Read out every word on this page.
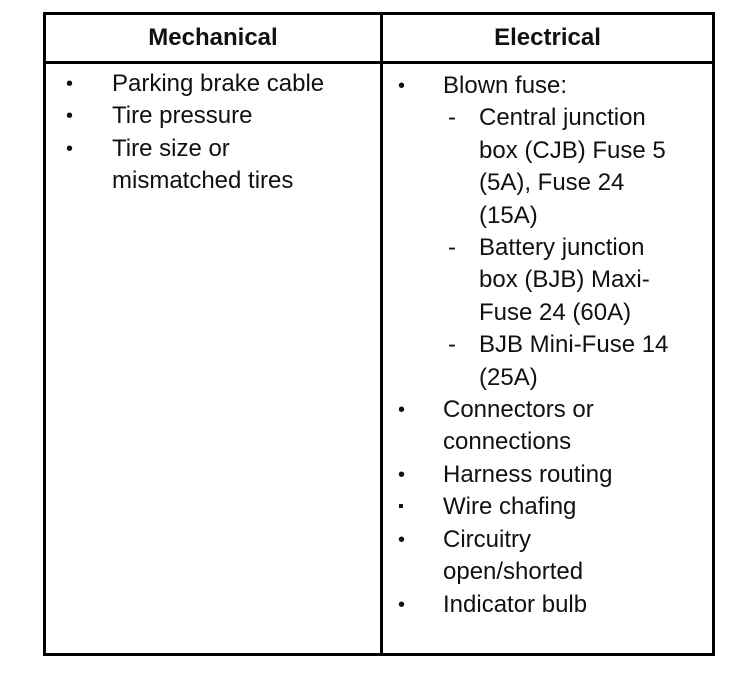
Mechanical	Electrical
• Parking brake cable
• Tire pressure
• Tire size or mismatched tires
• Blown fuse:
- Central junction box (CJB) Fuse 5 (5A), Fuse 24 (15A)
- Battery junction box (BJB) Maxi-Fuse 24 (60A)
- BJB Mini-Fuse 14 (25A)
• Connectors or connections
• Harness routing
▪ Wire chafing
• Circuitry open/shorted
• Indicator bulb
